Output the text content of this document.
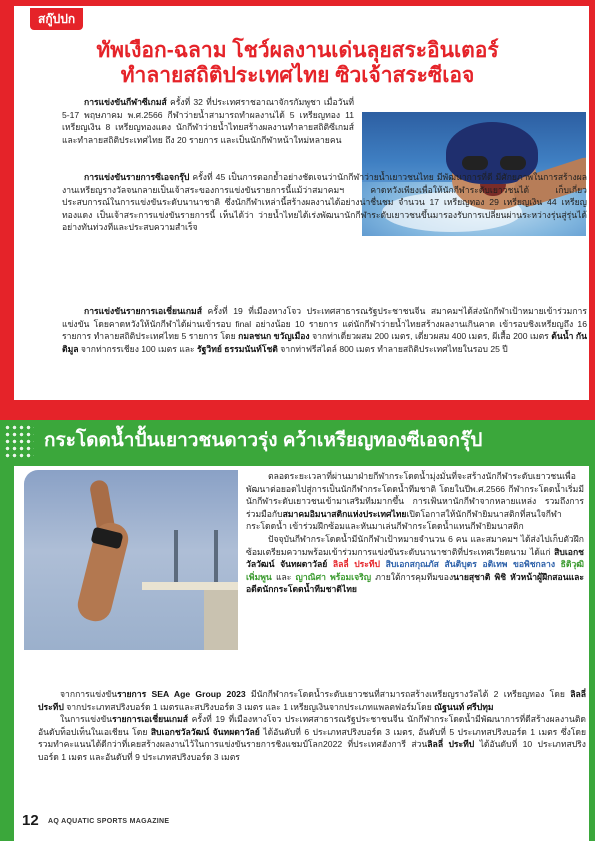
สกู๊ปปก
ทัพเงือก-ฉลาม โชว์ผลงานเด่นลุยสระอินเตอร์
ทำลายสถิติประเทศไทย ซิวเจ้าสระซีเอจ

การแข่งขันกีฬาซีเกมส์ ครั้งที่ 32 ที่ประเทศราชอาณาจักรกัมพูชา เมื่อวันที่ 5-17 พฤษภาคม พ.ศ.2566 กีฬาว่ายน้ำสามารถทำผลงานได้ 5 เหรียญทอง 11 เหรียญเงิน 8 เหรียญทองแดง นักกีฬาว่ายน้ำไทยสร้างผลงานทำลายสถิติซีเกมส์ และทำลายสถิติประเทศไทย ถึง 20 รายการ และเป็นนักกีฬาหน้าใหม่หลายคน

การแข่งขันรายการซีเอจกรุ๊ป ครั้งที่ 45 เป็นการตอกย้ำอย่างชัดเจนว่านักกีฬาว่ายน้ำเยาวชนไทย มีพัฒนาการที่ดี มีศักยภาพในการสร้างผลงานเหรียญรางวัลจนกลายเป็นเจ้าสระของการแข่งขันรายการนี้แม้ว่าสมาคมฯ คาดหวังเพียงเพื่อให้นักกีฬาระดับเยาวชนได้ เก็บเกี่ยวประสบการณ์ในการแข่งขันระดับนานาชาติ ซึ่งนักกีฬาเหล่านี้สร้างผลงานได้อย่างน่าชื่นชม จำนวน 17 เหรียญทอง 29 เหรียญเงิน 44 เหรียญทองแดง เป็นเจ้าสระการแข่งขันรายการนี้ เห็นได้ว่า ว่ายน้ำไทยได้เร่งพัฒนานักกีฬาระดับเยาวชนขึ้นมารองรับการเปลี่ยนผ่านระหว่างรุ่นสู่รุ่นได้อย่างทันท่วงทีและประสบความสำเร็จ

การแข่งขันรายการเอเชี่ยนเกมส์ ครั้งที่ 19 ที่เมืองหางโจว ประเทศสาธารณรัฐประชาชนจีน สมาคมฯได้ส่งนักกีฬาเป้าหมายเข้าร่วมการแข่งขัน โดยคาดหวังให้นักกีฬาได้ผ่านเข้ารอบ final อย่างน้อย 10 รายการ แต่นักกีฬาว่ายน้ำไทยสร้างผลงานเกินคาด เข้ารอบชิงเหรียญถึง 16 รายการ ทำลายสถิติประเทศไทย 5 รายการ โดย กมลชนก ขวัญเมือง จากท่าเดี่ยวผสม 200 เมตร, เดี่ยวผสม 400 เมตร, ผีเสื้อ 200 เมตร ต้นน้ำ กันติมูล จากท่ากรรเชียง 100 เมตร และ รัฐวิทย์ ธรรมนันท์โชติ จากท่าฟรีสไตล์ 800 เมตร ทำลายสถิติประเทศไทยในรอบ 25 ปี

กระโดดน้ำปั้นเยาวชนดาวรุ่ง คว้าเหรียญทองซีเอจกรุ๊ป

ตลอดระยะเวลาที่ผ่านมาฝ่ายกีฬากระโดดน้ำมุ่งมั่นที่จะสร้างนักกีฬาระดับเยาวชนเพื่อพัฒนาต่อยอดไปสู่การเป็นนักกีฬากระโดดน้ำทีมชาติ โดยในปีพ.ศ.2566 กีฬากระโดดน้ำเริ่มมีนักกีฬาระดับเยาวชนเข้ามาเสริมทีมมากขึ้น การเฟ้นหานักกีฬาจากหลายแหล่ง รวมถึงการร่วมมือกับสมาคมอิมนาสติกแห่งประเทศไทยเปิดโอกาสให้นักกีฬายิมนาสติกที่สนใจกีฬากระโดดน้ำ เข้าร่วมฝึกซ้อมและหันมาเล่นกีฬากระโดดน้ำแทนกีฬายิมนาสติก

ปัจจุบันกีฬากระโดดน้ำมีนักกีฬาเป้าหมายจำนวน 6 คน และสมาคมฯ ได้ส่งไปเก็บตัวฝึกซ้อมเตรียมความพร้อมเข้าร่วมการแข่งขันระดับนานาชาติที่ประเทศเวียดนาม ได้แก่ สิบเอกชวัลวัฒน์ จันทผดาวัลย์ ลิลลี่ ประทีป สิบเอกสกุณภัส สันติบุตร อติเทพ ขอพิชกลาง ธิติวุฒิ เพิ่มพูน และ ญาณิศา พร้อมเจริญ ภายใต้การคุมทีมของนายสุชาติ พิชิ หัวหน้าผู้ฝึกสอนและอดีตนักกระโดดน้ำทีมชาติไทย

จากการแข่งขันรายการ SEA Age Group 2023 มีนักกีฬากระโดดน้ำระดับเยาวชนที่สามารถสร้างเหรียญรางวัลได้ 2 เหรียญทอง โดย ลิลลี่ ประทีป จากประเภทสปริงบอร์ด 1 เมตรและสปริงบอร์ด 3 เมตร และ 1 เหรียญเงินจากประเภทแพลตฟอร์มโดย ณัฐนนท์ ศรีปทุม

ในการแข่งขันรายการเอเชี่ยนเกมส์ ครั้งที่ 19 ที่เมืองหางโจว ประเทศสาธารณรัฐประชาชนจีน นักกีฬากระโดดน้ำมีพัฒนาการที่ดีสร้างผลงานติดอันดับท็อปเท็นในเอเชียน โดย สิบเอกชวัลวัฒน์ จันทผดาวัลย์ ได้อันดับที่ 6 ประเภทสปริงบอร์ด 3 เมตร, อันดับที่ 5 ประเภทสปริงบอร์ด 1 เมตร ซึ่งโดยรวมทำคะแนนได้ดีกว่าที่เคยสร้างผลงานไว้ในการแข่งขันรายการชิงแชมป์โลก2022 ที่ประเทศฮังการี ส่วนลิลลี่ ประทีป ได้อันดับที่ 10 ประเภทสปริงบอร์ด 1 เมตร และอันดับที่ 9 ประเภทสปริงบอร์ด 3 เมตร

12 AQ AQUATIC SPORTS MAGAZINE
